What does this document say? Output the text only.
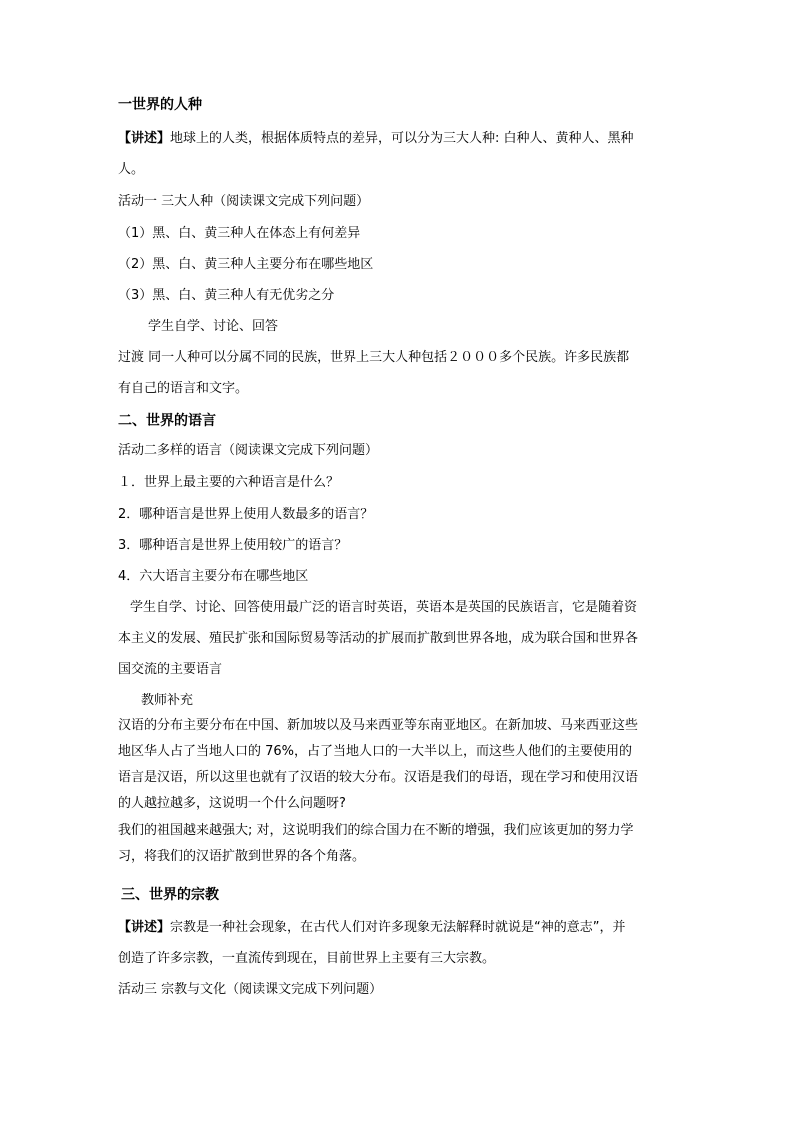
一世界的人种
【讲述】地球上的人类，根据体质特点的差异，可以分为三大人种: 白种人、黄种人、黑种
人。
活动一 三大人种（阅读课文完成下列问题）
（1）黑、白、黄三种人在体态上有何差异
（2）黑、白、黄三种人主要分布在哪些地区
（3）黑、白、黄三种人有无优劣之分
学生自学、讨论、回答
过渡 同一人种可以分属不同的民族，世界上三大人种包括２０００多个民族。许多民族都
有自己的语言和文字。
二、世界的语言
活动二多样的语言（阅读课文完成下列问题）
１．世界上最主要的六种语言是什么？
2．哪种语言是世界上使用人数最多的语言？
3．哪种语言是世界上使用较广的语言？
4．六大语言主要分布在哪些地区
学生自学、讨论、回答使用最广泛的语言时英语，英语本是英国的民族语言，它是随着资
本主义的发展、殖民扩张和国际贸易等活动的扩展而扩散到世界各地，成为联合国和世界各
国交流的主要语言
教师补充
汉语的分布主要分布在中国、新加坡以及马来西亚等东南亚地区。在新加坡、马来西亚这些
地区华人占了当地人口的 76%，占了当地人口的一大半以上，而这些人他们的主要使用的
语言是汉语，所以这里也就有了汉语的较大分布。汉语是我们的母语，现在学习和使用汉语
的人越拉越多，这说明一个什么问题呀?
我们的祖国越来越强大; 对，这说明我们的综合国力在不断的增强，我们应该更加的努力学
习，将我们的汉语扩散到世界的各个角落。
三、世界的宗教
【讲述】宗教是一种社会现象，在古代人们对许多现象无法解释时就说是“神的意志”，并
创造了许多宗教，一直流传到现在，目前世界上主要有三大宗教。
活动三 宗教与文化（阅读课文完成下列问题）
